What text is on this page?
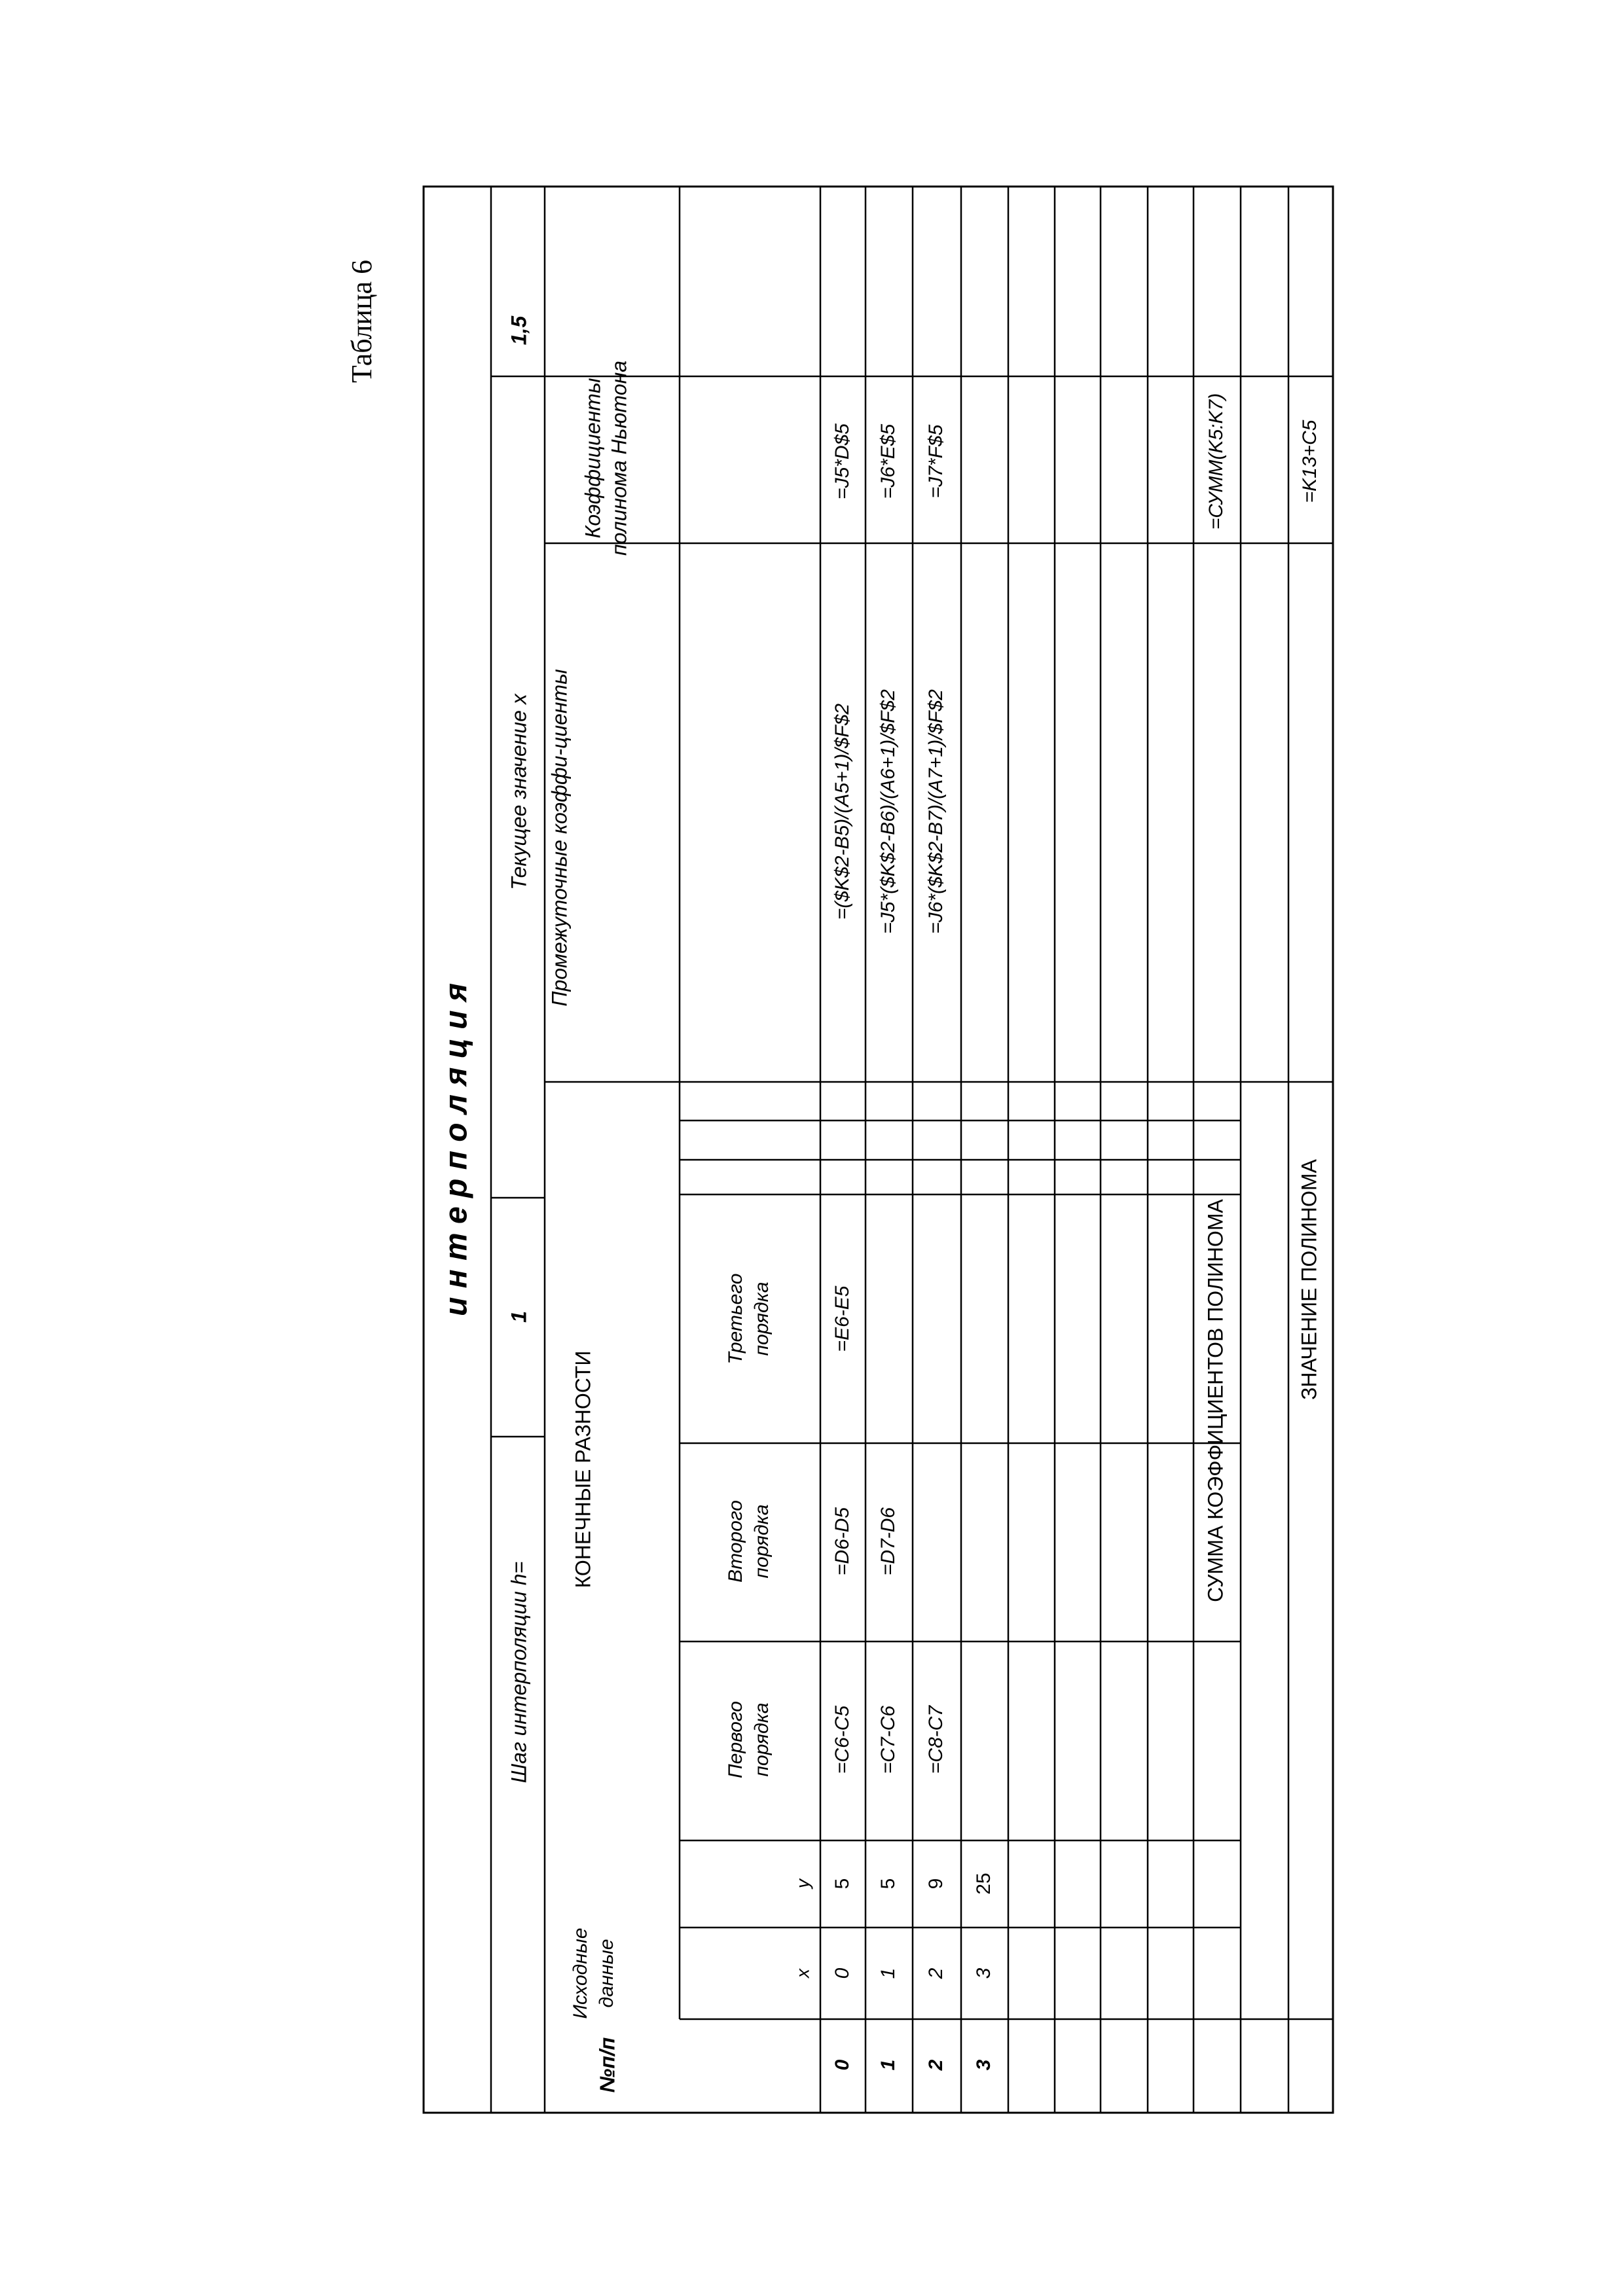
Таблица 6
и н т е р п о л я ц и я
Шаг интерполяции h=
1
Текущее значение x
1,5
№п/п
Исходные данные
КОНЕЧНЫЕ РАЗНОСТИ
Промежуточные коэффи-циенты
Коэффициенты полинома Ньютона
Первого порядка
Второго порядка
Третьего порядка
x
y
0
0
5
=C6-C5
=D6-D5
=E6-E5
=($K$2-B5)/(A5+1)/$F$2
=J5*D$5
1
1
5
=C7-C6
=D7-D6
=J5*($K$2-B6)/(A6+1)/$F$2
=J6*E$5
2
2
9
=C8-C7
=J6*($K$2-B7)/(A7+1)/$F$2
=J7*F$5
3
3
25
СУММА КОЭФФИЦИЕНТОВ ПОЛИНОМА
=СУММ(K5:K7)
ЗНАЧЕНИЕ ПОЛИНОМА
=K13+C5
